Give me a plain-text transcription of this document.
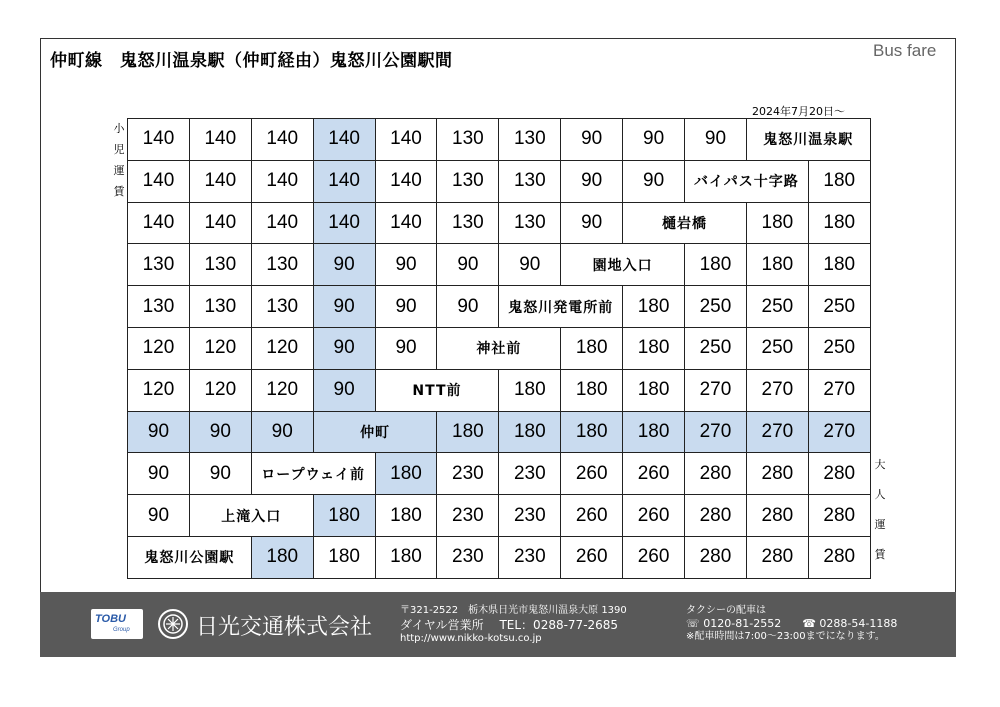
仲町線　鬼怒川温泉駅（仲町経由）鬼怒川公園駅間
Bus fare
2024年7月20日～
小
児
運
賃
大
人
運
賃
140	140	140	140	140	130	130	90	90	90	鬼怒川温泉駅	
140	140	140	140	140	130	130	90	90	バイパス十字路		180
140	140	140	140	140	130	130	90	樋岩橋		180	180
130	130	130	90	90	90	90	園地入口		180	180	180
130	130	130	90	90	90	鬼怒川発電所前		180	250	250	250
120	120	120	90	90	神社前		180	180	250	250	250
120	120	120	90	NTT前		180	180	180	270	270	270
90	90	90	仲町		180	180	180	180	270	270	270
90	90	ロープウェイ前		180	230	230	260	260	280	280	280
90	上滝入口		180	180	230	230	260	260	280	280	280
鬼怒川公園駅		180	180	180	230	230	260	260	280	280	280
TOBU
Group	日光交通株式会社
〒321-2522　栃木県日光市鬼怒川温泉大原 1390
ダイヤル営業所　 TEL：0288-77-2685
http://www.nikko-kotsu.co.jp
タクシーの配車は
☏ 0120-81-2552 ☎ 0288-54-1188
※配車時間は7:00～23:00までになります。
